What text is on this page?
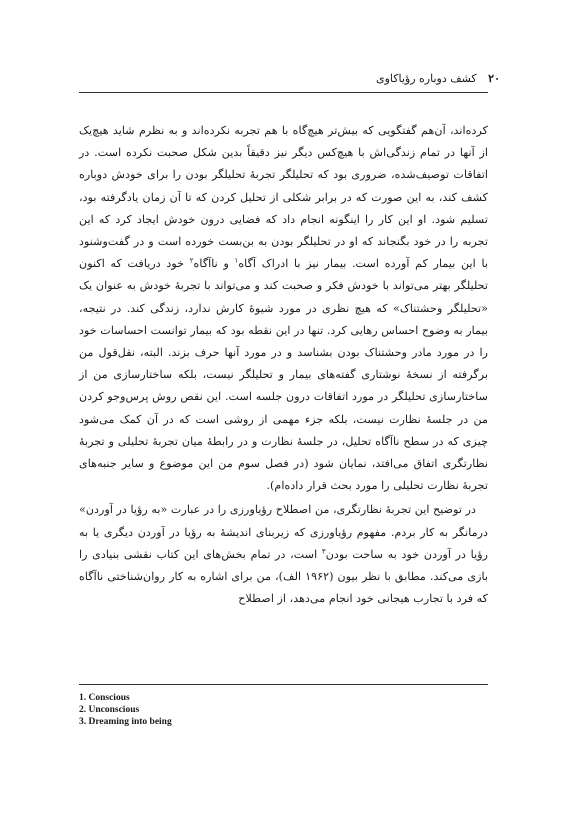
۲۰ کشف دوباره رؤیاکاوی

کرده‌اند، آن‌هم گفتگویی که بیش‌تر هیچ‌گاه با هم تجربه نکرده‌اند و به نظرم شاید هیچ‌یک از آنها در تمام زندگی‌اش با هیچ‌کس دیگر نیز دقیقاً بدین شکل صحبت نکرده است. در اتفاقات توصیف‌شده، ضروری بود که تحلیلگر تجربهٔ تحلیلگر بودن را برای خودش دوباره کشف کند، به این صورت که در برابر شکلی از تحلیل کردن که تا آن زمان یادگرفته بود، تسلیم شود. او این کار را اینگونه انجام داد که فضایی درون خودش ایجاد کرد که این تجربه را در خود بگنجاند که او در تحلیلگر بودن به بن‌بست خورده است و در گفت‌وشنود با این بیمار کم آورده است. بیمار نیز با ادراک آگاه$^۱$ و ناآگاه$^۲$ خود دریافت که اکنون تحلیلگر بهتر می‌تواند با خودش فکر و صحبت کند و می‌تواند با تجربهٔ خودش به عنوان یک «تحلیلگر وحشتناک» که هیچ نظری در مورد شیوهٔ کارش ندارد، زندگی کند. در نتیجه، بیمار به وضوح احساس رهایی کرد. تنها در این نقطه بود که بیمار توانست احساسات خود را در مورد مادر وحشتناک بودن بشناسد و در مورد آنها حرف بزند. البته، نقل‌قول من برگرفته از نسخهٔ نوشتاری گفته‌های بیمار و تحلیلگر نیست، بلکه ساختارسازی من از ساختارسازی تحلیلگر در مورد اتفاقات درون جلسه است. این نقص روش پرس‌وجو کردن من در جلسهٔ نظارت نیست، بلکه جزء مهمی از روشی است که در آن کمک می‌شود چیزی که در سطح ناآگاه تحلیل، در جلسهٔ نظارت و در رابطهٔ میان تجربهٔ تحلیلی و تجربهٔ نظارتگری اتفاق می‌افتد، نمایان شود (در فصل سوم من این موضوع و سایر جنبه‌های تجربهٔ نظارت تحلیلی را مورد بحث قرار داده‌ام).

در توضیح این تجربهٔ نظارتگری، من اصطلاح رؤیاورزی را در عبارت «به رؤیا در آوردن» درمانگر به کار بردم. مفهوم رؤیاورزی که زیربنای اندیشهٔ به رؤیا در آوردن دیگری یا به رؤیا در آوردن خود به ساحت بودن$^۳$ است، در تمام بخش‌های این کتاب نقشی بنیادی را بازی می‌کند. مطابق با نظر بیون (۱۹۶۲ الف)، من برای اشاره به کار روان‌شناختی ناآگاه که فرد با تجارب هیجانی خود انجام می‌دهد، از اصطلاح

1. Conscious
2. Unconscious
3. Dreaming into being
